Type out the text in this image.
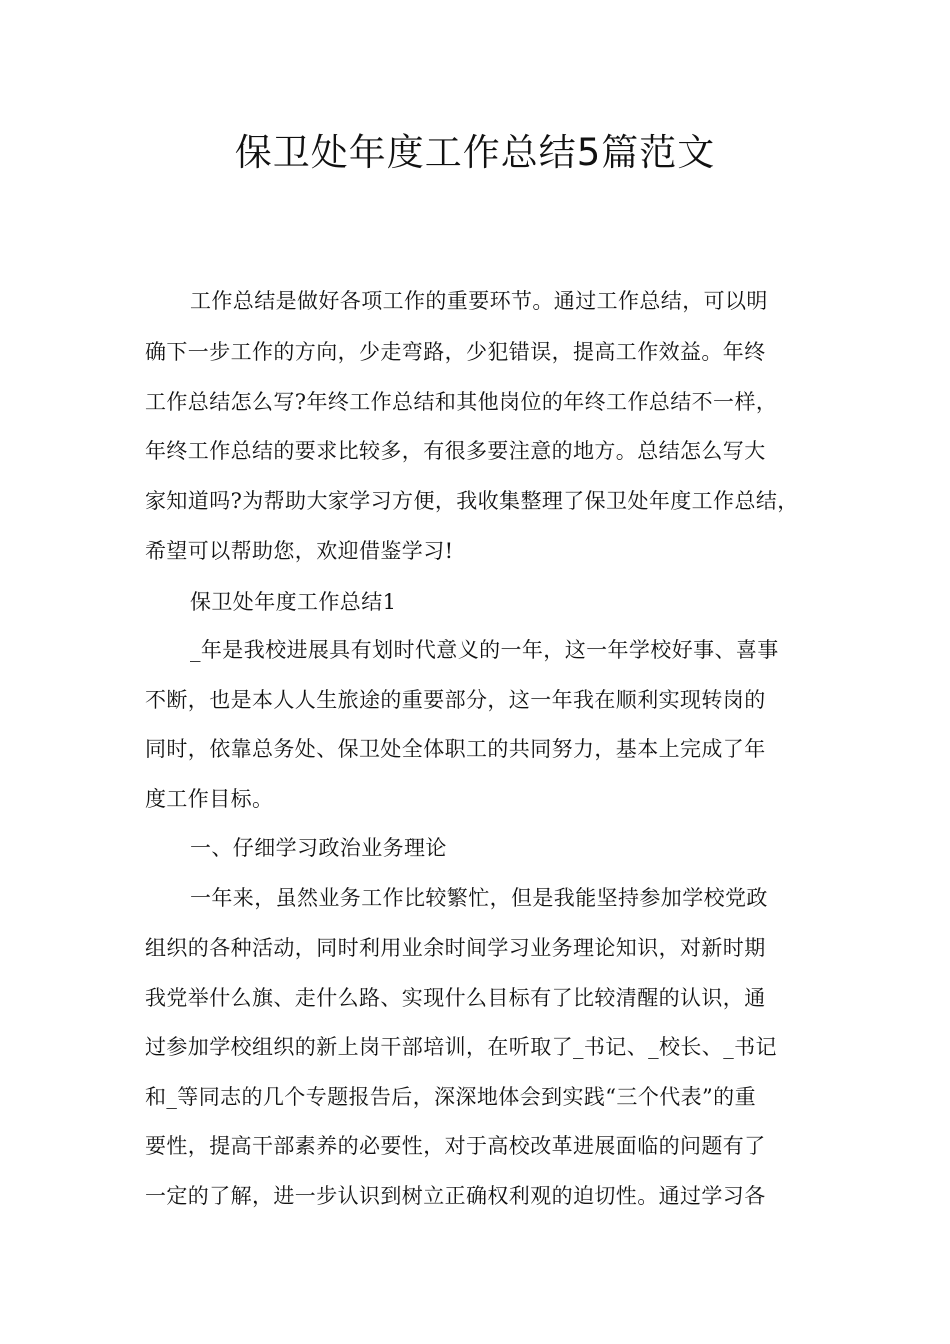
保卫处年度工作总结5篇范文
工作总结是做好各项工作的重要环节。通过工作总结，可以明
确下一步工作的方向，少走弯路，少犯错误，提高工作效益。年终
工作总结怎么写?年终工作总结和其他岗位的年终工作总结不一样，
年终工作总结的要求比较多，有很多要注意的地方。总结怎么写大
家知道吗?为帮助大家学习方便，我收集整理了保卫处年度工作总结，
希望可以帮助您，欢迎借鉴学习!
保卫处年度工作总结1
_年是我校进展具有划时代意义的一年，这一年学校好事、喜事
不断，也是本人人生旅途的重要部分，这一年我在顺利实现转岗的
同时，依靠总务处、保卫处全体职工的共同努力，基本上完成了年
度工作目标。
一、仔细学习政治业务理论
一年来，虽然业务工作比较繁忙，但是我能坚持参加学校党政
组织的各种活动，同时利用业余时间学习业务理论知识，对新时期
我党举什么旗、走什么路、实现什么目标有了比较清醒的认识，通
过参加学校组织的新上岗干部培训，在听取了_书记、_校长、_书记
和_等同志的几个专题报告后，深深地体会到实践“三个代表”的重
要性，提高干部素养的必要性，对于高校改革进展面临的问题有了
一定的了解，进一步认识到树立正确权利观的迫切性。通过学习各
